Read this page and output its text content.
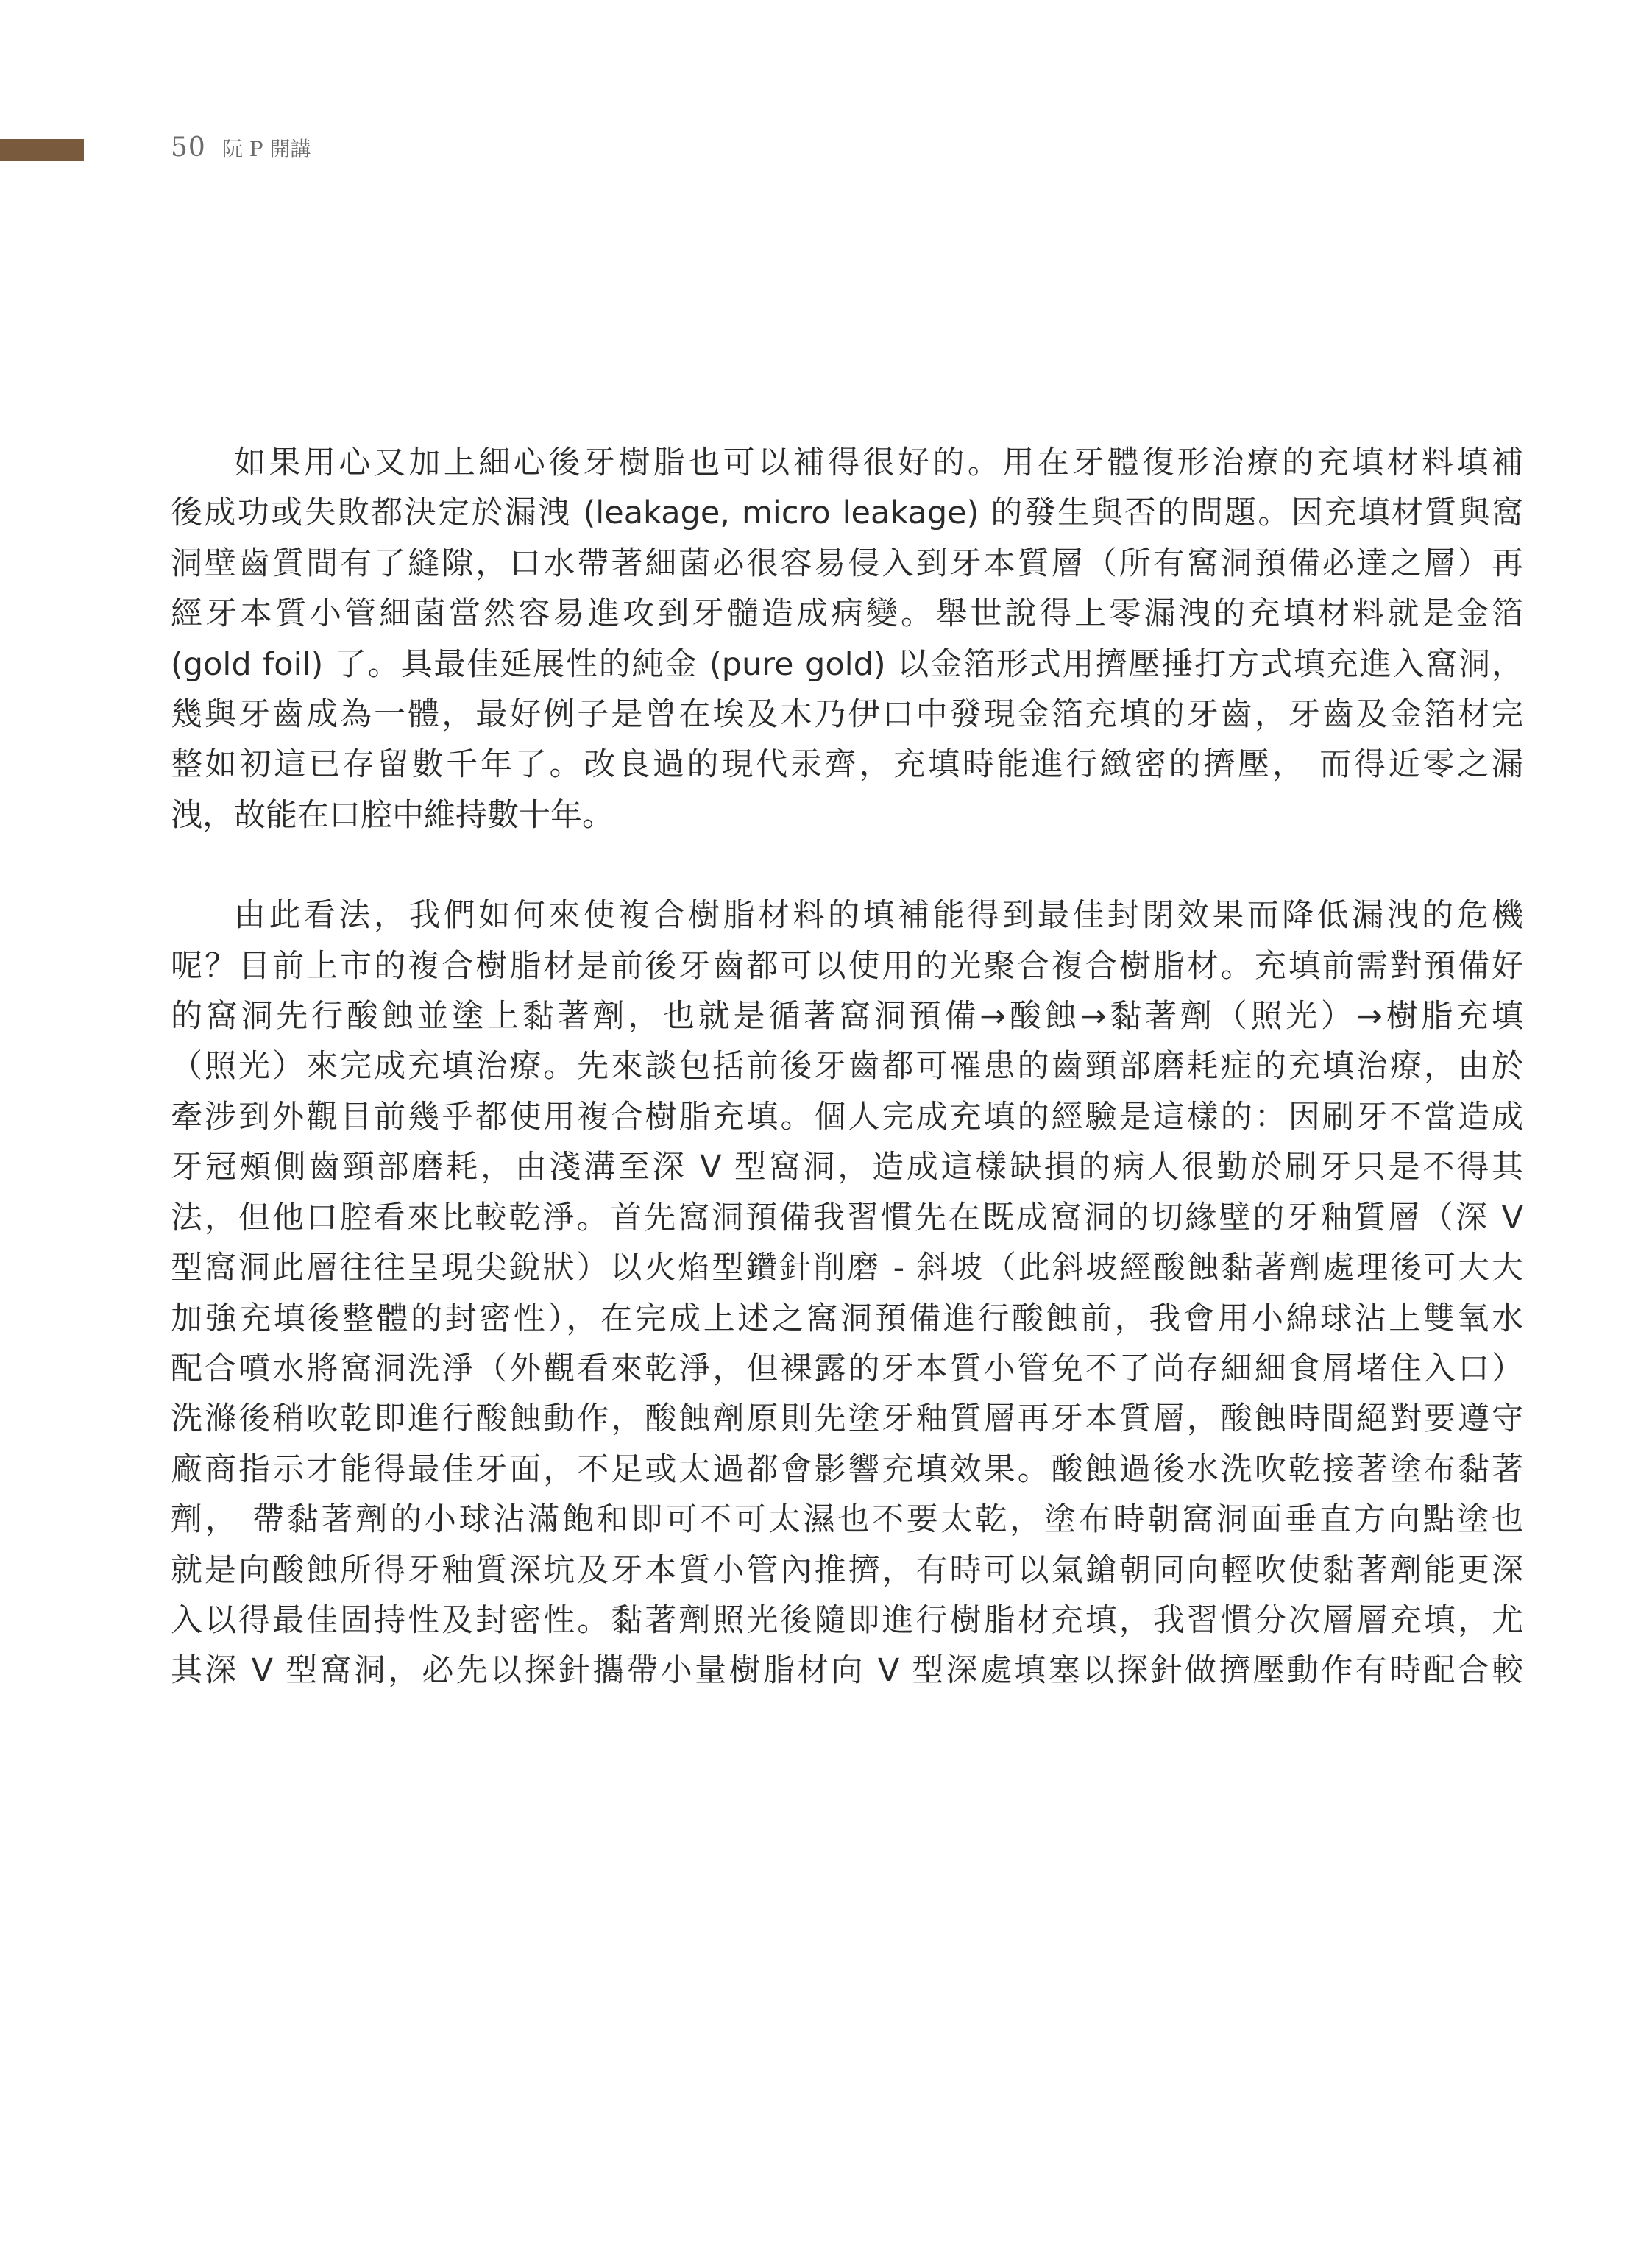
50 阮 P 開講

如果用心又加上細心後牙樹脂也可以補得很好的。用在牙體復形治療的充填材料填補
後成功或失敗都決定於漏洩 (leakage, micro leakage) 的發生與否的問題。因充填材質與窩
洞壁齒質間有了縫隙，口水帶著細菌必很容易侵入到牙本質層（所有窩洞預備必達之層）再
經牙本質小管細菌當然容易進攻到牙髓造成病變。舉世說得上零漏洩的充填材料就是金箔
(gold foil) 了。具最佳延展性的純金 (pure gold) 以金箔形式用擠壓捶打方式填充進入窩洞，
幾與牙齒成為一體，最好例子是曾在埃及木乃伊口中發現金箔充填的牙齒，牙齒及金箔材完
整如初這已存留數千年了。改良過的現代汞齊，充填時能進行緻密的擠壓， 而得近零之漏
洩，故能在口腔中維持數十年。

由此看法，我們如何來使複合樹脂材料的填補能得到最佳封閉效果而降低漏洩的危機
呢？目前上市的複合樹脂材是前後牙齒都可以使用的光聚合複合樹脂材。充填前需對預備好
的窩洞先行酸蝕並塗上黏著劑，也就是循著窩洞預備→酸蝕→黏著劑（照光）→樹脂充填
（照光）來完成充填治療。先來談包括前後牙齒都可罹患的齒頸部磨耗症的充填治療，由於
牽涉到外觀目前幾乎都使用複合樹脂充填。個人完成充填的經驗是這樣的：因刷牙不當造成
牙冠頰側齒頸部磨耗，由淺溝至深 V 型窩洞，造成這樣缺損的病人很勤於刷牙只是不得其
法，但他口腔看來比較乾淨。首先窩洞預備我習慣先在既成窩洞的切緣壁的牙釉質層（深 V
型窩洞此層往往呈現尖銳狀）以火焰型鑽針削磨 - 斜坡（此斜坡經酸蝕黏著劑處理後可大大
加強充填後整體的封密性），在完成上述之窩洞預備進行酸蝕前，我會用小綿球沾上雙氧水
配合噴水將窩洞洗淨（外觀看來乾淨，但裸露的牙本質小管免不了尚存細細食屑堵住入口）
洗滌後稍吹乾即進行酸蝕動作，酸蝕劑原則先塗牙釉質層再牙本質層，酸蝕時間絕對要遵守
廠商指示才能得最佳牙面，不足或太過都會影響充填效果。酸蝕過後水洗吹乾接著塗布黏著
劑， 帶黏著劑的小球沾滿飽和即可不可太濕也不要太乾，塗布時朝窩洞面垂直方向點塗也
就是向酸蝕所得牙釉質深坑及牙本質小管內推擠，有時可以氣鎗朝同向輕吹使黏著劑能更深
入以得最佳固持性及封密性。黏著劑照光後隨即進行樹脂材充填，我習慣分次層層充填，尤
其深 V 型窩洞，必先以探針攜帶小量樹脂材向 V 型深處填塞以探針做擠壓動作有時配合較
